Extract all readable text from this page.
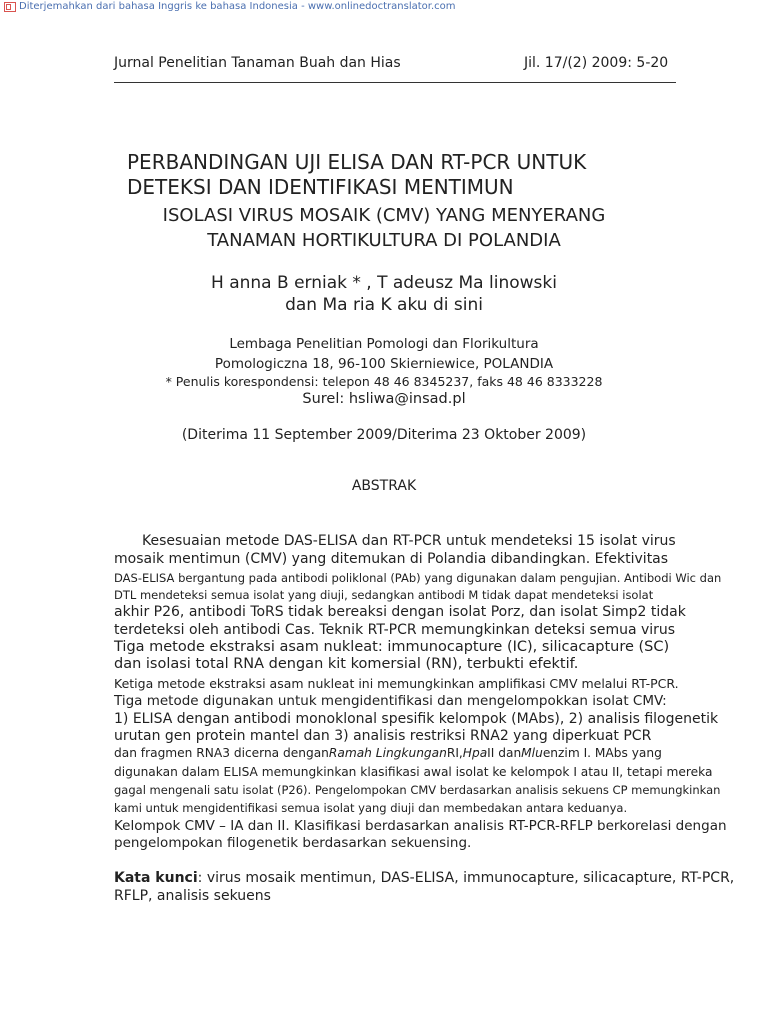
Diterjemahkan dari bahasa Inggris ke bahasa Indonesia - www.onlinedoctranslator.com
Jurnal Penelitian Tanaman Buah dan Hias	Jil. 17/(2) 2009: 5-20
PERBANDINGAN UJI ELISA DAN RT-PCR UNTUK
DETEKSI DAN IDENTIFIKASI MENTIMUN
ISOLASI VIRUS MOSAIK (CMV) YANG MENYERANG
TANAMAN HORTIKULTURA DI POLANDIA
H anna B erniak * , T adeusz Ma linowski
dan Ma ria K aku di sini
Lembaga Penelitian Pomologi dan Florikultura
Pomologiczna 18, 96-100 Skierniewice, POLANDIA
* Penulis korespondensi: telepon 48 46 8345237, faks 48 46 8333228
Surel: hsliwa@insad.pl
(Diterima 11 September 2009/Diterima 23 Oktober 2009)
ABSTRAK
Kesesuaian metode DAS-ELISA dan RT-PCR untuk mendeteksi 15 isolat virus
mosaik mentimun (CMV) yang ditemukan di Polandia dibandingkan. Efektivitas
DAS-ELISA bergantung pada antibodi poliklonal (PAb) yang digunakan dalam pengujian. Antibodi Wic dan
DTL mendeteksi semua isolat yang diuji, sedangkan antibodi M tidak dapat mendeteksi isolat
akhir P26, antibodi ToRS tidak bereaksi dengan isolat Porz, dan isolat Simp2 tidak
terdeteksi oleh antibodi Cas. Teknik RT-PCR memungkinkan deteksi semua virus
Tiga metode ekstraksi asam nukleat: immunocapture (IC), silicacapture (SC)
dan isolasi total RNA dengan kit komersial (RN), terbukti efektif.
Ketiga metode ekstraksi asam nukleat ini memungkinkan amplifikasi CMV melalui RT-PCR.
Tiga metode digunakan untuk mengidentifikasi dan mengelompokkan isolat CMV:
1) ELISA dengan antibodi monoklonal spesifik kelompok (MAbs), 2) analisis filogenetik
urutan gen protein mantel dan 3) analisis restriksi RNA2 yang diperkuat PCR
dan fragmen RNA3 dicerna denganRamah LingkunganRI,HpaII danMluenzim I. MAbs yang
digunakan dalam ELISA memungkinkan klasifikasi awal isolat ke kelompok I atau II, tetapi mereka
gagal mengenali satu isolat (P26). Pengelompokan CMV berdasarkan analisis sekuens CP memungkinkan
kami untuk mengidentifikasi semua isolat yang diuji dan membedakan antara keduanya.
Kelompok CMV – IA dan II. Klasifikasi berdasarkan analisis RT-PCR-RFLP berkorelasi dengan
pengelompokan filogenetik berdasarkan sekuensing.
Kata kunci: virus mosaik mentimun, DAS-ELISA, immunocapture, silicacapture, RT-PCR,
RFLP, analisis sekuens
